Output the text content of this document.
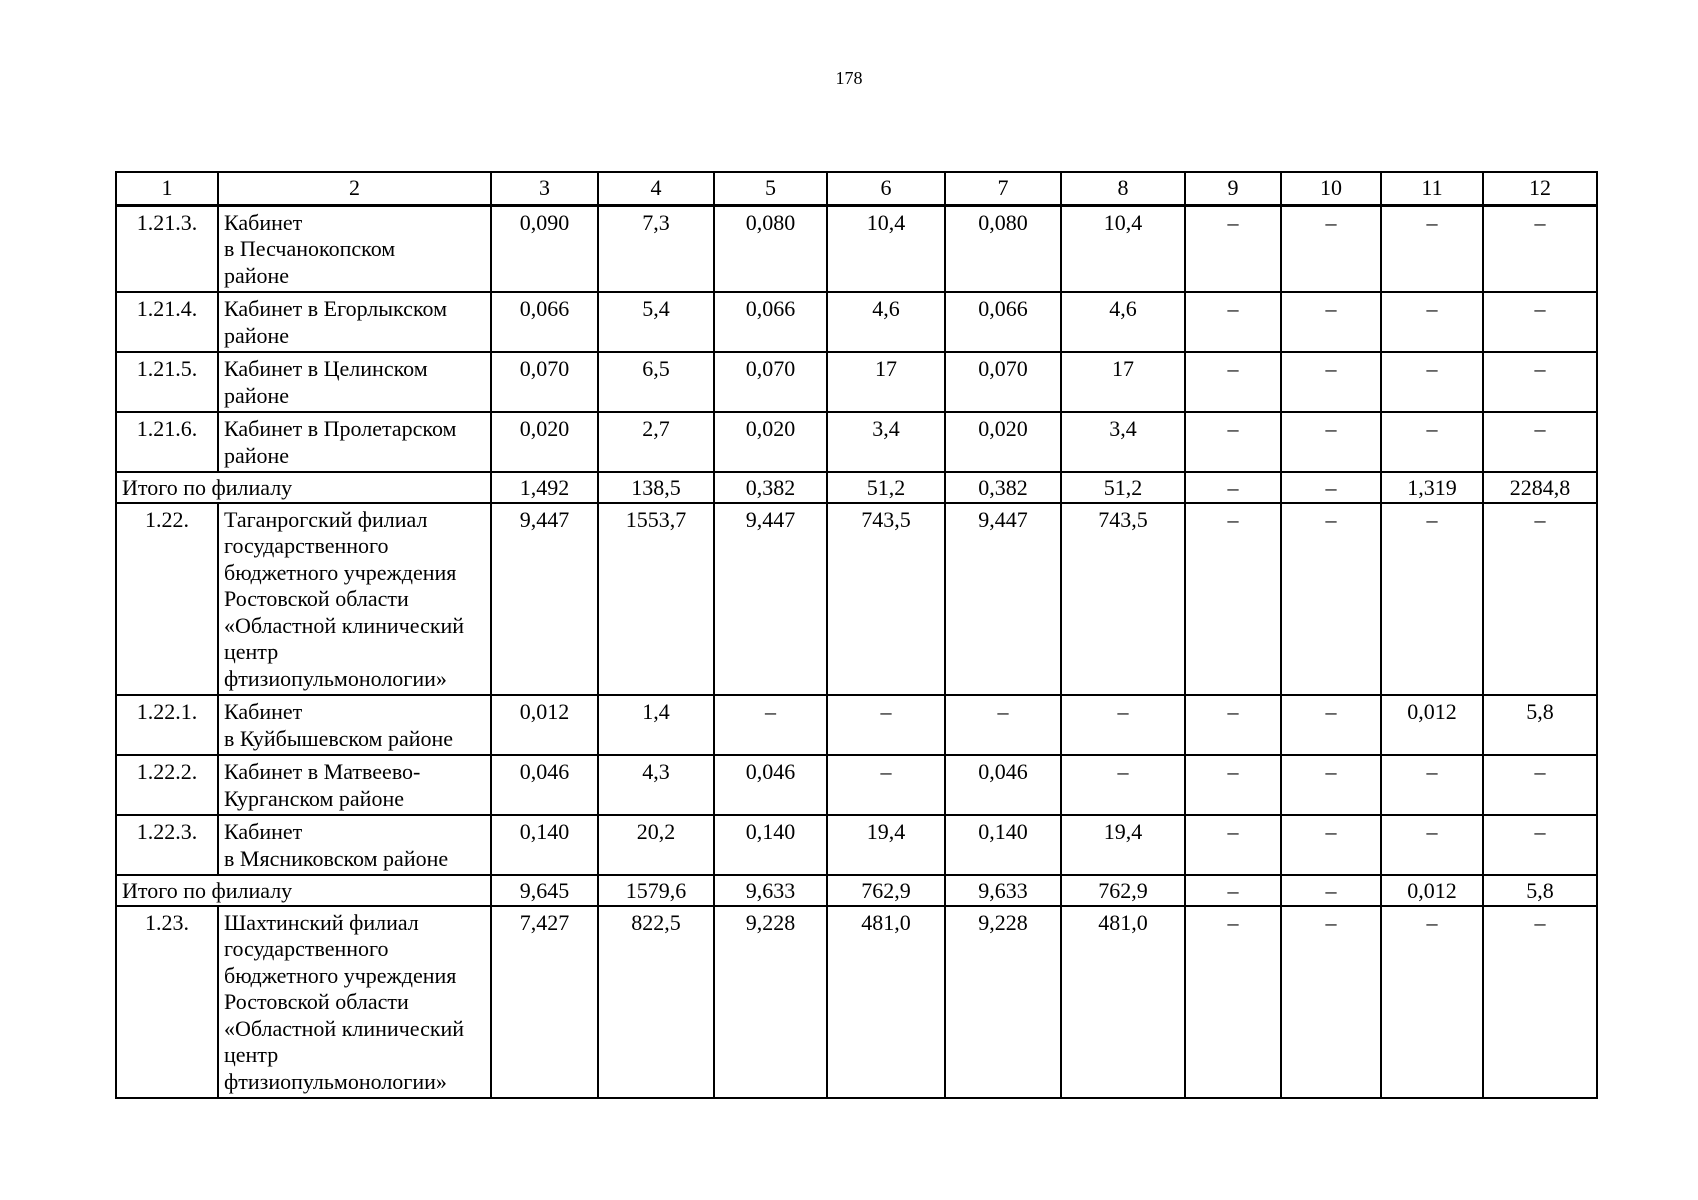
178
1	2	3	4	5	6	7	8	9	10	11	12
1.21.3.	Кабинет
в Песчанокопском
районе	0,090	7,3	0,080	10,4	0,080	10,4	–	–	–	–
1.21.4.	Кабинет в Егорлыкском районе	0,066	5,4	0,066	4,6	0,066	4,6	–	–	–	–
1.21.5.	Кабинет в Целинском районе	0,070	6,5	0,070	17	0,070	17	–	–	–	–
1.21.6.	Кабинет в Пролетарском районе	0,020	2,7	0,020	3,4	0,020	3,4	–	–	–	–
Итого по филиалу		1,492	138,5	0,382	51,2	0,382	51,2	–	–	1,319	2284,8
1.22.	Таганрогский филиал государственного бюджетного учреждения Ростовской области «Областной клинический центр фтизиопульмонологии»	9,447	1553,7	9,447	743,5	9,447	743,5	–	–	–	–
1.22.1.	Кабинет
в Куйбышевском районе	0,012	1,4	–	–	–	–	–	–	0,012	5,8
1.22.2.	Кабинет в Матвеево-Курганском районе	0,046	4,3	0,046	–	0,046	–	–	–	–	–
1.22.3.	Кабинет
в Мясниковском районе	0,140	20,2	0,140	19,4	0,140	19,4	–	–	–	–
Итого по филиалу		9,645	1579,6	9,633	762,9	9,633	762,9	–	–	0,012	5,8
1.23.	Шахтинский филиал государственного бюджетного учреждения Ростовской области «Областной клинический центр фтизиопульмонологии»	7,427	822,5	9,228	481,0	9,228	481,0	–	–	–	–
